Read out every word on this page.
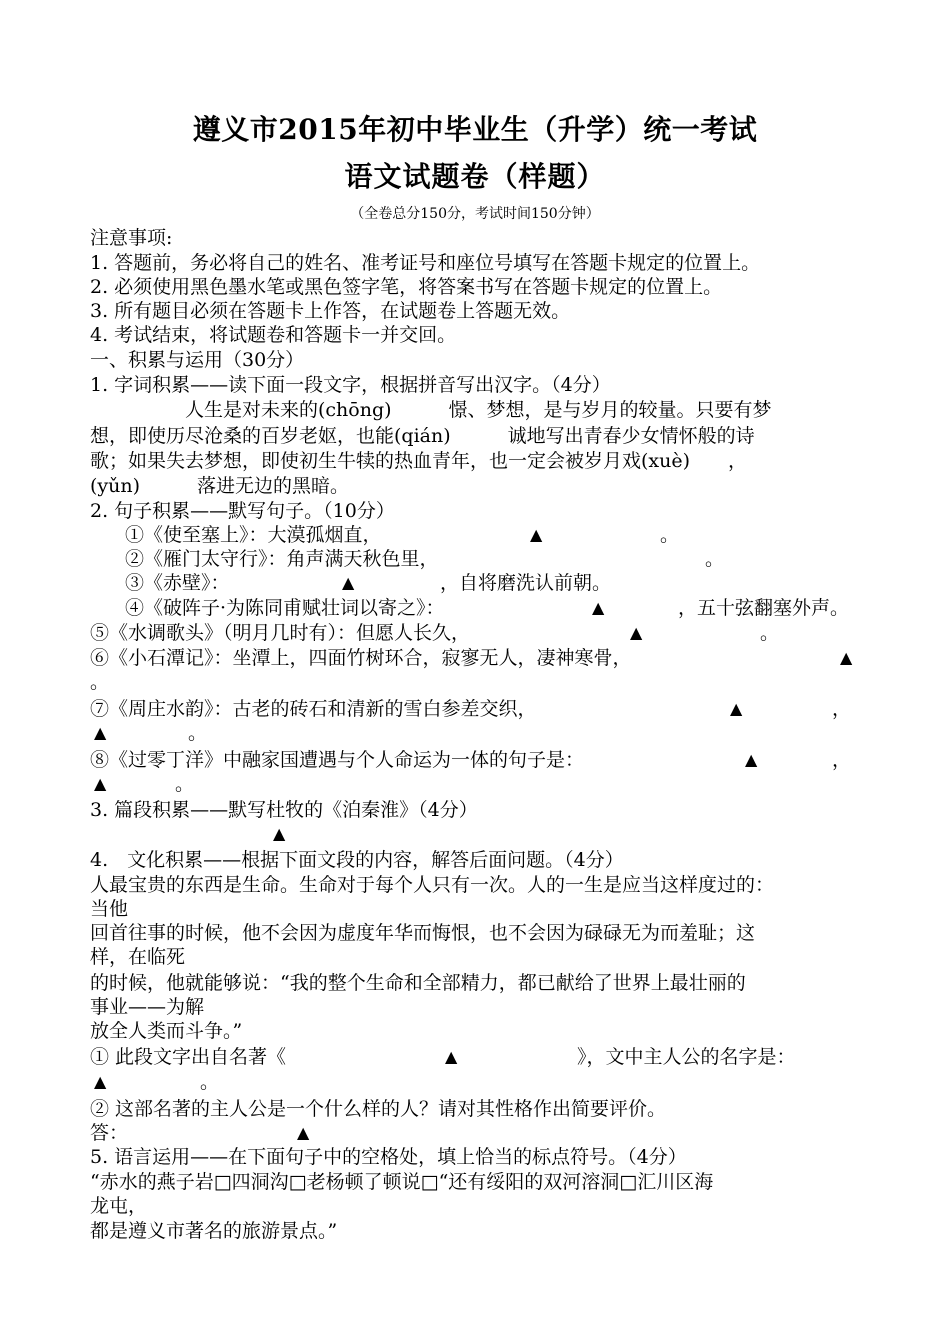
遵义市2015年初中毕业生（升学）统一考试
语文试题卷（样题）
（全卷总分150分，考试时间150分钟）
注意事项:
1. 答题前，务必将自己的姓名、准考证号和座位号填写在答题卡规定的位置上。
2. 必须使用黑色墨水笔或黑色签字笔，将答案书写在答题卡规定的位置上。
3. 所有题目必须在答题卡上作答，在试题卷上答题无效。
4. 考试结束，将试题卷和答题卡一并交回。
一、积累与运用（30分）
1. 字词积累——读下面一段文字，根据拼音写出汉字。（4分）
人生是对未来的(chōng)　　　憬、梦想，是与岁月的较量。只要有梦
想，即使历尽沧桑的百岁老妪，也能(qián)　　　诚地写出青春少女情怀般的诗
歌；如果失去梦想，即使初生牛犊的热血青年，也一定会被岁月戏(xuè)　　，
(yǔn)　　　落进无边的黑暗。
2. 句子积累——默写句子。（10分）
①《使至塞上》：大漠孤烟直，	▲	。
②《雁门太守行》：角声满天秋色里，	。
③《赤壁》：	▲	，自将磨洗认前朝。
④《破阵子·为陈同甫赋壮词以寄之》：	▲	，五十弦翻塞外声。
⑤《水调歌头》（明月几时有）：但愿人长久，	▲	。
⑥《小石潭记》：坐潭上，四面竹树环合，寂寥无人，凄神寒骨，	▲
。
⑦《周庄水韵》：古老的砖石和清新的雪白参差交织，	▲	，
▲	。
⑧《过零丁洋》中融家国遭遇与个人命运为一体的句子是：	▲	，
▲	。
3. 篇段积累——默写杜牧的《泊秦淮》（4分）
▲
4.　文化积累——根据下面文段的内容，解答后面问题。（4分）
人最宝贵的东西是生命。生命对于每个人只有一次。人的一生是应当这样度过的：
当他
回首往事的时候，他不会因为虚度年华而悔恨，也不会因为碌碌无为而羞耻；这
样，在临死
的时候，他就能够说：“我的整个生命和全部精力，都已献给了世界上最壮丽的
事业——为解
放全人类而斗争。”
① 此段文字出自名著《	▲	》，文中主人公的名字是：
▲	。
② 这部名著的主人公是一个什么样的人？请对其性格作出简要评价。
答：	▲
5. 语言运用——在下面句子中的空格处，填上恰当的标点符号。（4分）
“赤水的燕子岩□四洞沟□老杨顿了顿说□“还有绥阳的双河溶洞□汇川区海
龙屯，
都是遵义市著名的旅游景点。”
